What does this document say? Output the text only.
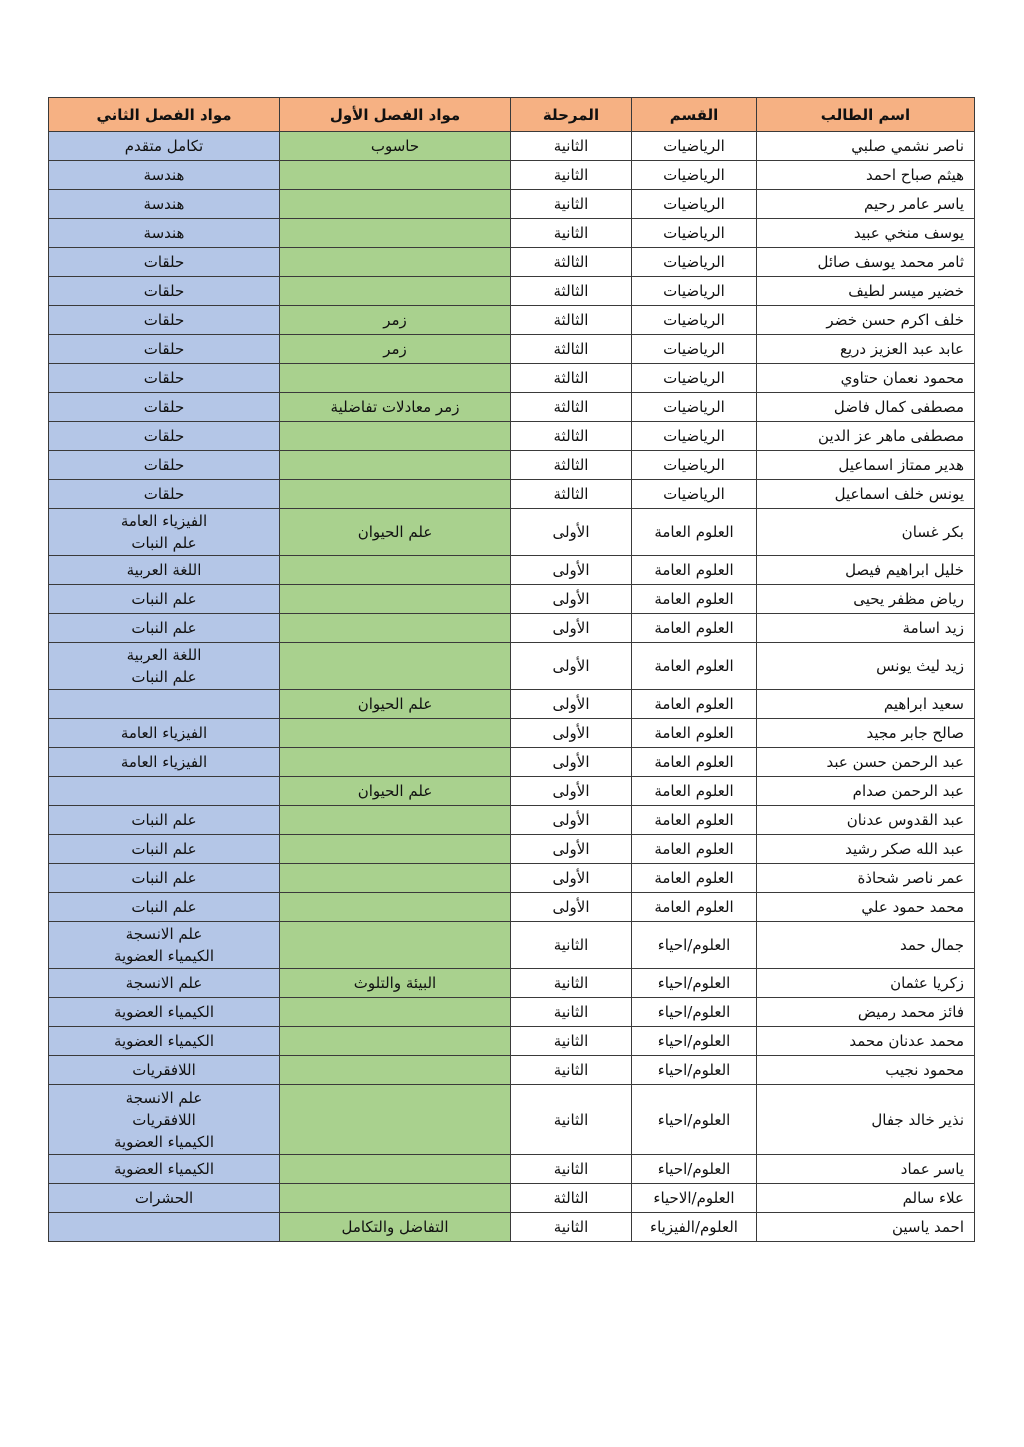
اسم الطالب	القسم	المرحلة	مواد الفصل الأول	مواد الفصل الثاني
ناصر نشمي صلبي	الرياضيات	الثانية	حاسوب	تكامل متقدم
هيثم صباح احمد	الرياضيات	الثانية		هندسة
ياسر عامر رحيم	الرياضيات	الثانية		هندسة
يوسف منخي عبيد	الرياضيات	الثانية		هندسة
ثامر محمد يوسف صائل	الرياضيات	الثالثة		حلقات
خضير ميسر لطيف	الرياضيات	الثالثة		حلقات
خلف اكرم حسن خضر	الرياضيات	الثالثة	زمر	حلقات
عابد عبد العزيز دريع	الرياضيات	الثالثة	زمر	حلقات
محمود نعمان حتاوي	الرياضيات	الثالثة		حلقات
مصطفى كمال فاضل	الرياضيات	الثالثة	زمر معادلات تفاضلية	حلقات
مصطفى ماهر عز الدين	الرياضيات	الثالثة		حلقات
هدير ممتاز اسماعيل	الرياضيات	الثالثة		حلقات
يونس خلف اسماعيل	الرياضيات	الثالثة		حلقات
بكر غسان	العلوم العامة	الأولى	علم الحيوان	الفيزياء العامة
علم النبات
خليل ابراهيم فيصل	العلوم العامة	الأولى		اللغة العربية
رياض مظفر يحيى	العلوم العامة	الأولى		علم النبات
زيد اسامة	العلوم العامة	الأولى		علم النبات
زيد ليث يونس	العلوم العامة	الأولى		اللغة العربية
علم النبات
سعيد ابراهيم	العلوم العامة	الأولى	علم الحيوان	
صالح جابر مجيد	العلوم العامة	الأولى		الفيزياء العامة
عبد الرحمن حسن عبد	العلوم العامة	الأولى		الفيزياء العامة
عبد الرحمن صدام	العلوم العامة	الأولى	علم الحيوان	
عبد القدوس عدنان	العلوم العامة	الأولى		علم النبات
عبد الله صكر رشيد	العلوم العامة	الأولى		علم النبات
عمر ناصر شحاذة	العلوم العامة	الأولى		علم النبات
محمد حمود علي	العلوم العامة	الأولى		علم النبات
جمال حمد	العلوم/احياء	الثانية		علم الانسجة
الكيمياء العضوية
زكريا عثمان	العلوم/احياء	الثانية	البيئة والتلوث	علم الانسجة
فائز محمد رميض	العلوم/احياء	الثانية		الكيمياء العضوية
محمد عدنان محمد	العلوم/احياء	الثانية		الكيمياء العضوية
محمود نجيب	العلوم/احياء	الثانية		اللافقريات
نذير خالد جفال	العلوم/احياء	الثانية		علم الانسجة
اللافقريات
الكيمياء العضوية
ياسر عماد	العلوم/احياء	الثانية		الكيمياء العضوية
علاء سالم	العلوم/الاحياء	الثالثة		الحشرات
احمد ياسين	العلوم/الفيزياء	الثانية	التفاضل والتكامل	
